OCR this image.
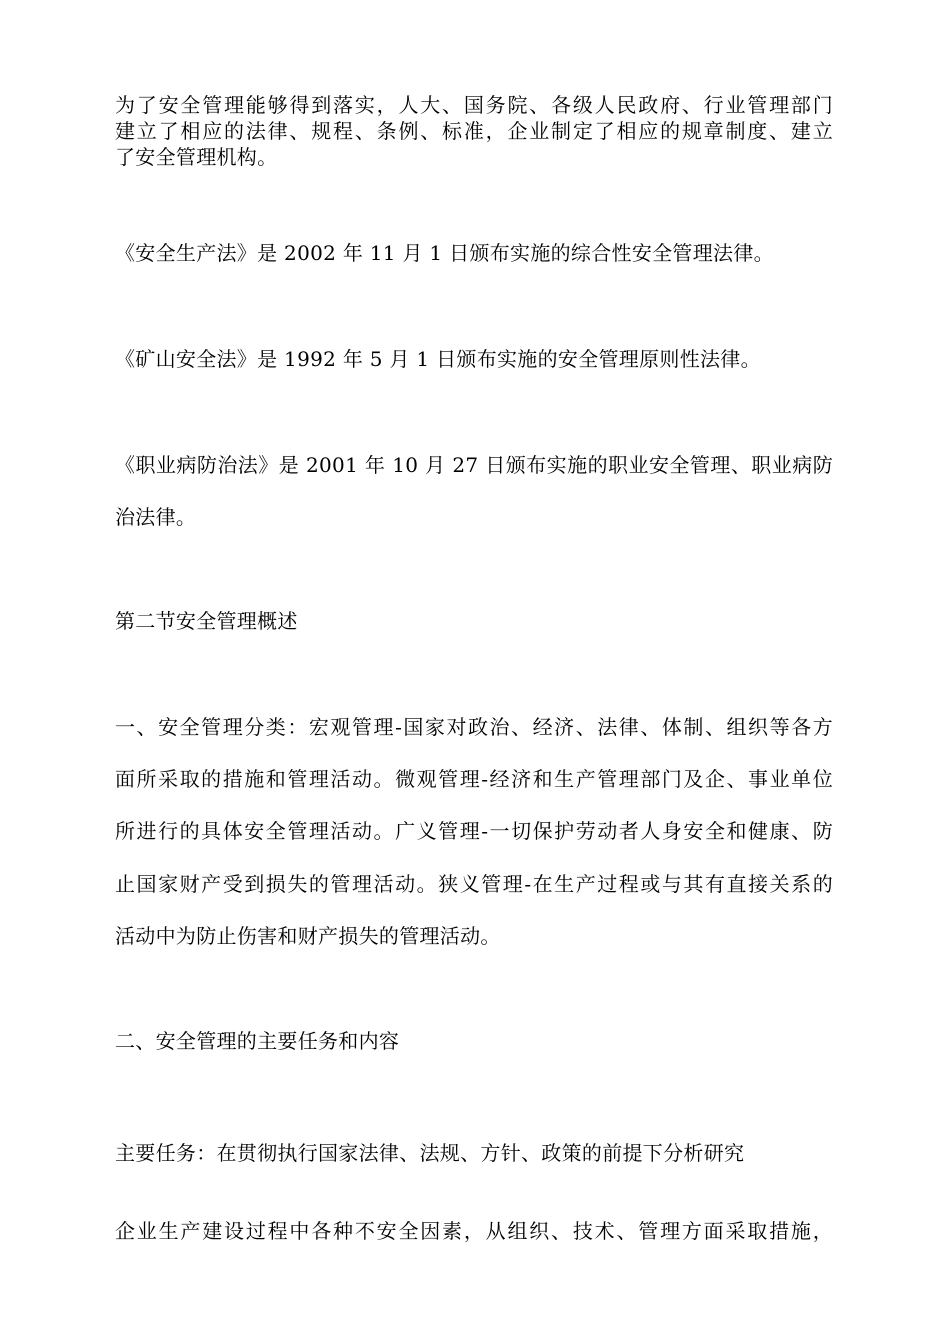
为了安全管理能够得到落实，人大、国务院、各级人民政府、行业管理部门
建立了相应的法律、规程、条例、标准，企业制定了相应的规章制度、建立
了安全管理机构。
《安全生产法》是 2002 年 11 月 1 日颁布实施的综合性安全管理法律。
《矿山安全法》是 1992 年 5 月 1 日颁布实施的安全管理原则性法律。
《职业病防治法》是 2001 年 10 月 27 日颁布实施的职业安全管理、职业病防
治法律。
第二节安全管理概述
一、安全管理分类：宏观管理-国家对政治、经济、法律、体制、组织等各方
面所采取的措施和管理活动。微观管理-经济和生产管理部门及企、事业单位
所进行的具体安全管理活动。广义管理-一切保护劳动者人身安全和健康、防
止国家财产受到损失的管理活动。狭义管理-在生产过程或与其有直接关系的
活动中为防止伤害和财产损失的管理活动。
二、安全管理的主要任务和内容
主要任务：在贯彻执行国家法律、法规、方针、政策的前提下分析研究
企业生产建设过程中各种不安全因素，从组织、技术、管理方面采取措施，
